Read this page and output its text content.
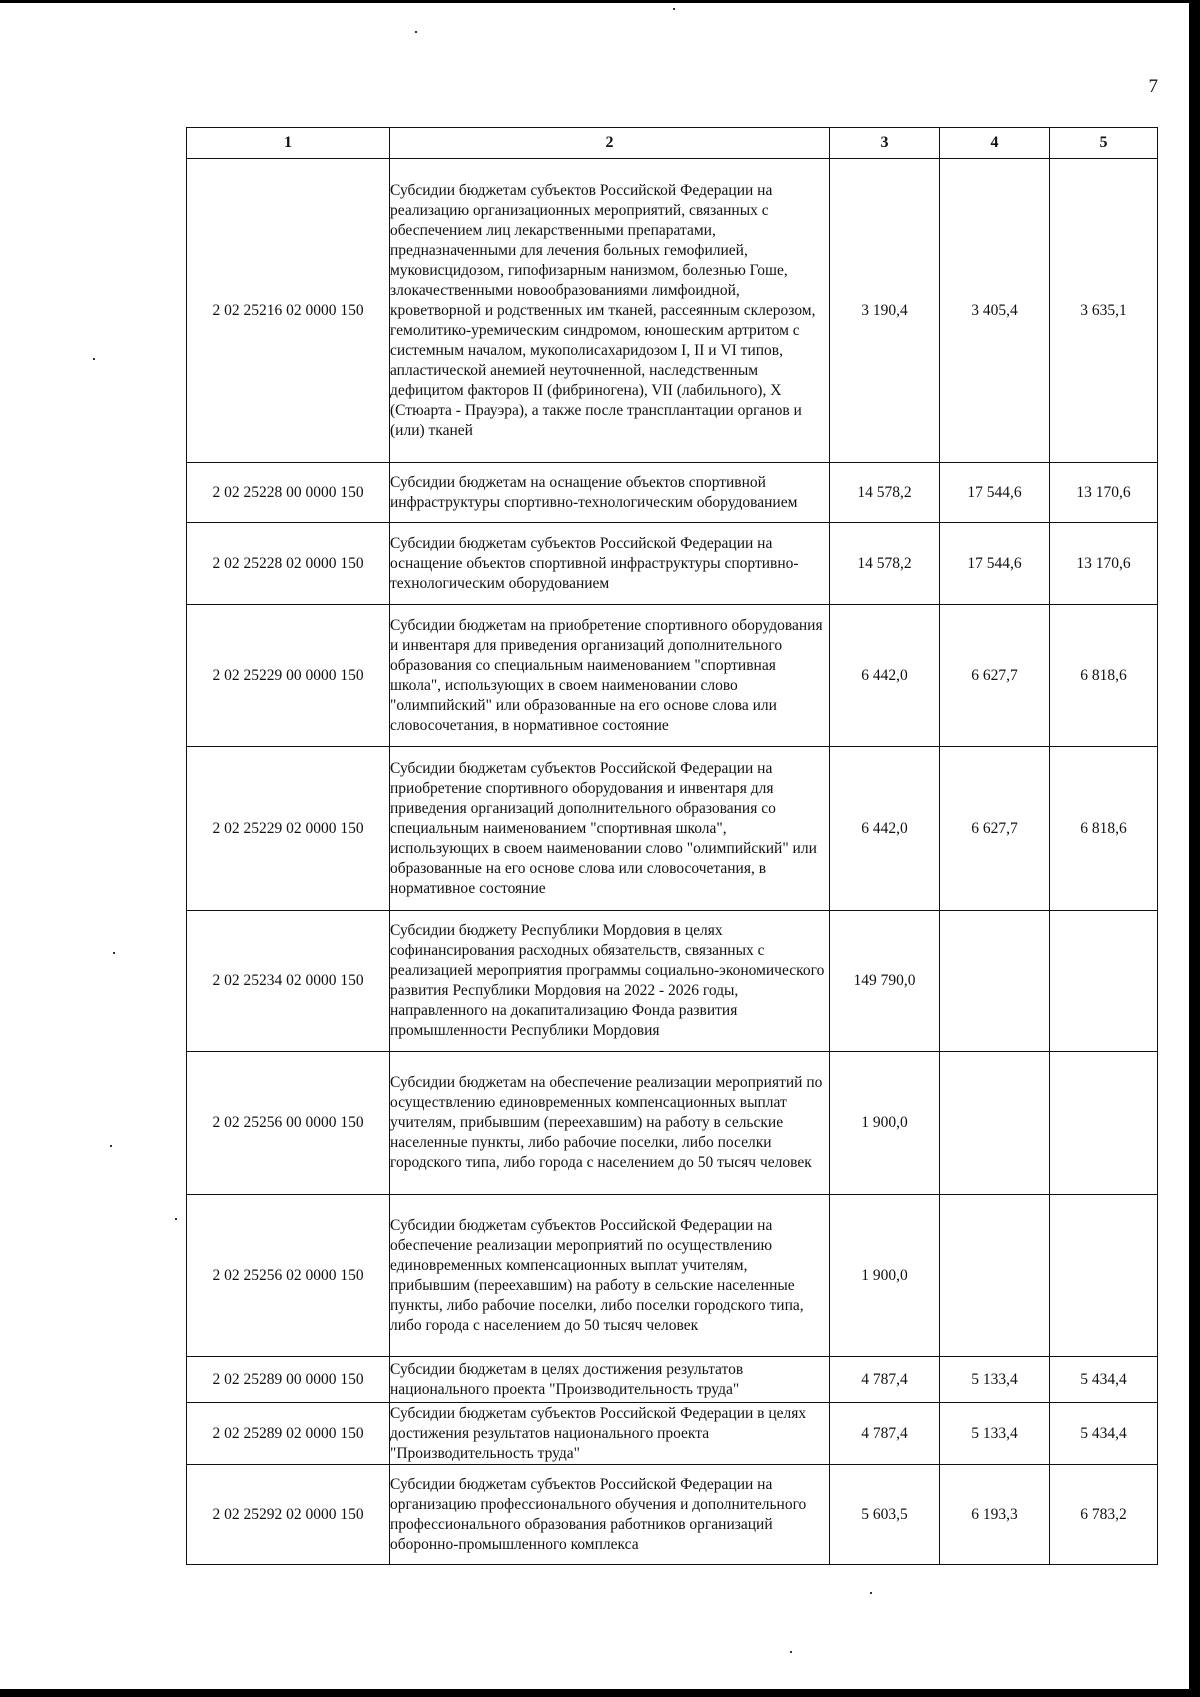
7
1	2	3	4	5
2 02 25216 02 0000 150	Субсидии бюджетам субъектов Российской Федерации на реализацию организационных мероприятий, связанных с обеспечением лиц лекарственными препаратами, предназначенными для лечения больных гемофилией, муковисцидозом, гипофизарным нанизмом, болезнью Гоше, злокачественными новообразованиями лимфоидной, кроветворной и родственных им тканей, рассеянным склерозом, гемолитико-уремическим синдромом, юношеским артритом с системным началом, мукополисахаридозом I, II и VI типов, апластической анемией неуточненной, наследственным дефицитом факторов II (фибриногена), VII (лабильного), X (Стюарта - Прауэра), а также после трансплантации органов и (или) тканей	3 190,4	3 405,4	3 635,1
2 02 25228 00 0000 150	Субсидии бюджетам на оснащение объектов спортивной инфраструктуры спортивно-технологическим оборудованием	14 578,2	17 544,6	13 170,6
2 02 25228 02 0000 150	Субсидии бюджетам субъектов Российской Федерации на оснащение объектов спортивной инфраструктуры спортивно-технологическим оборудованием	14 578,2	17 544,6	13 170,6
2 02 25229 00 0000 150	Субсидии бюджетам на приобретение спортивного оборудования и инвентаря для приведения организаций дополнительного образования со специальным наименованием "спортивная школа", использующих в своем наименовании слово "олимпийский" или образованные на его основе слова или словосочетания, в нормативное состояние	6 442,0	6 627,7	6 818,6
2 02 25229 02 0000 150	Субсидии бюджетам субъектов Российской Федерации на приобретение спортивного оборудования и инвентаря для приведения организаций дополнительного образования со специальным наименованием "спортивная школа", использующих в своем наименовании слово "олимпийский" или образованные на его основе слова или словосочетания, в нормативное состояние	6 442,0	6 627,7	6 818,6
2 02 25234 02 0000 150	Субсидии бюджету Республики Мордовия в целях софинансирования расходных обязательств, связанных с реализацией мероприятия программы социально-экономического развития Республики Мордовия на 2022 - 2026 годы, направленного на докапитализацию Фонда развития промышленности Республики Мордовия	149 790,0		
2 02 25256 00 0000 150	Субсидии бюджетам на обеспечение реализации мероприятий по осуществлению единовременных компенсационных выплат учителям, прибывшим (переехавшим) на работу в сельские населенные пункты, либо рабочие поселки, либо поселки городского типа, либо города с населением до 50 тысяч человек	1 900,0		
2 02 25256 02 0000 150	Субсидии бюджетам субъектов Российской Федерации на обеспечение реализации мероприятий по осуществлению единовременных компенсационных выплат учителям, прибывшим (переехавшим) на работу в сельские населенные пункты, либо рабочие поселки, либо поселки городского типа, либо города с населением до 50 тысяч человек	1 900,0		
2 02 25289 00 0000 150	Субсидии бюджетам в целях достижения результатов национального проекта "Производительность труда"	4 787,4	5 133,4	5 434,4
2 02 25289 02 0000 150	Субсидии бюджетам субъектов Российской Федерации в целях достижения результатов национального проекта "Производительность труда"	4 787,4	5 133,4	5 434,4
2 02 25292 02 0000 150	Субсидии бюджетам субъектов Российской Федерации на организацию профессионального обучения и дополнительного профессионального образования работников организаций оборонно-промышленного комплекса	5 603,5	6 193,3	6 783,2
